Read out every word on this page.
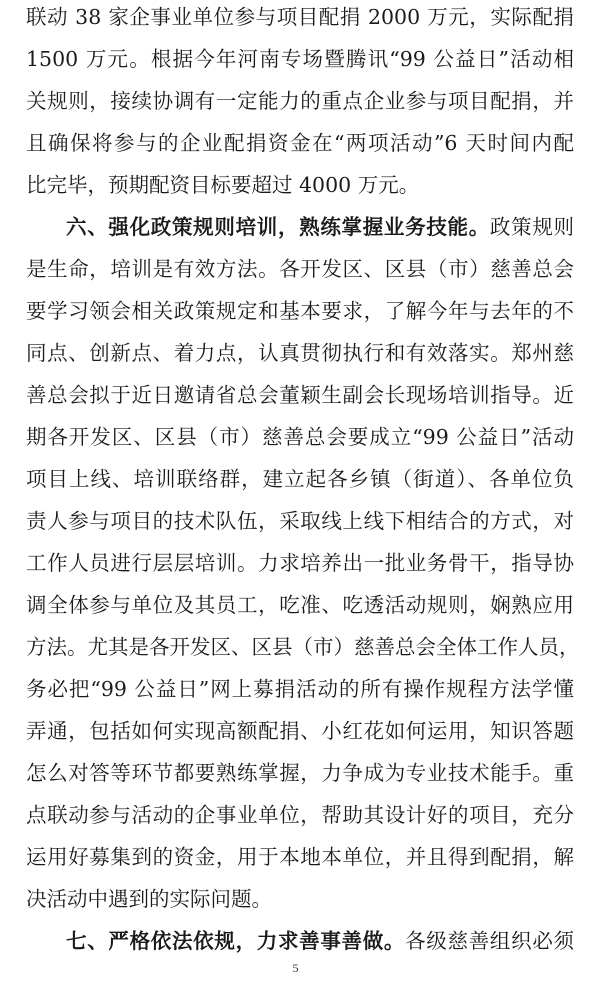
联动 38 家企事业单位参与项目配捐 2000 万元，实际配捐
1500 万元。根据今年河南专场暨腾讯“99 公益日”活动相
关规则，接续协调有一定能力的重点企业参与项目配捐，并
且确保将参与的企业配捐资金在“两项活动”6 天时间内配
比完毕，预期配资目标要超过 4000 万元。
六、强化政策规则培训，熟练掌握业务技能。政策规则
是生命，培训是有效方法。各开发区、区县（市）慈善总会
要学习领会相关政策规定和基本要求，了解今年与去年的不
同点、创新点、着力点，认真贯彻执行和有效落实。郑州慈
善总会拟于近日邀请省总会董颖生副会长现场培训指导。近
期各开发区、区县（市）慈善总会要成立“99 公益日”活动
项目上线、培训联络群，建立起各乡镇（街道）、各单位负
责人参与项目的技术队伍，采取线上线下相结合的方式，对
工作人员进行层层培训。力求培养出一批业务骨干，指导协
调全体参与单位及其员工，吃准、吃透活动规则，娴熟应用
方法。尤其是各开发区、区县（市）慈善总会全体工作人员，
务必把“99 公益日”网上募捐活动的所有操作规程方法学懂
弄通，包括如何实现高额配捐、小红花如何运用，知识答题
怎么对答等环节都要熟练掌握，力争成为专业技术能手。重
点联动参与活动的企事业单位，帮助其设计好的项目，充分
运用好募集到的资金，用于本地本单位，并且得到配捐，解
决活动中遇到的实际问题。
七、严格依法依规，力求善事善做。各级慈善组织必须
5
